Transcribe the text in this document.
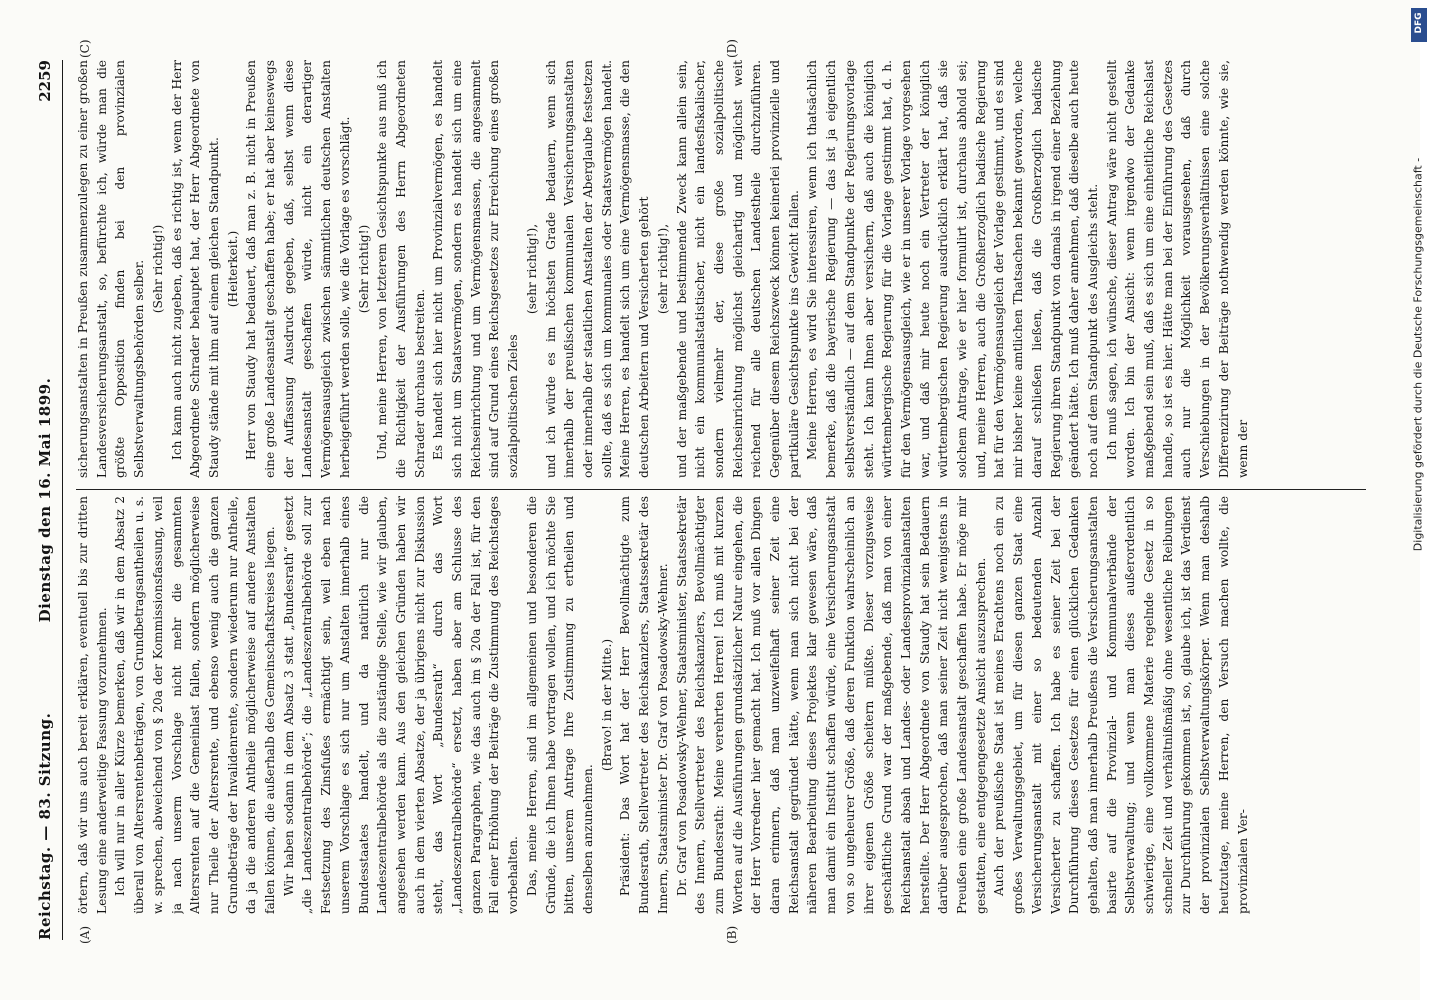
Reichstag. — 83. Sitzung.
Dienstag den 16. Mai 1899.
2259
(A)	(B)
(C)	(D)

örtern, daß wir uns auch bereit erklären, eventuell bis zur dritten Lesung eine anderweitige Fassung vorzunehmen. Ich will nur in aller Kürze bemerken, daß wir in dem Absatz 2 überall von Altersrentenbeträgen, von Grundbetragsantheilen u. s. w. sprechen, abweichend von § 20a der Kommissionsfassung, weil ja nach unserm Vorschlage nicht mehr die gesammten Altersrenten auf die Gemeinlast fallen, sondern möglicherweise nur Theile der Altersrente, und ebenso wenig auch die ganzen Grundbeträge der Invalidenrente, sondern wiederum nur Antheile, da ja die anderen Antheile möglicherweise auf andere Anstalten fallen können, die außerhalb des Gemeinschaftskreises liegen. Wir haben sodann in dem Absatz 3 statt „Bundesrath“ gesetzt „die Landeszentralbehörde“; die „Landeszentralbehörde soll zur Festsetzung des Zinsfußes ermächtigt sein, weil eben nach unserem Vorschlage es sich nur um Anstalten innerhalb eines Bundesstaates handelt, und da natürlich nur die Landeszentralbehörde als die zuständige Stelle, wie wir glauben, angesehen werden kann. Aus den gleichen Gründen haben wir auch in dem vierten Absatze, der ja übrigens nicht zur Diskussion steht, das Wort „Bundesrath“ durch das Wort „Landeszentralbehörde“ ersetzt, haben aber am Schlusse des ganzen Paragraphen, wie das auch im § 20a der Fall ist, für den Fall einer Erhöhung der Beiträge die Zustimmung des Reichstages vorbehalten. Das, meine Herren, sind im allgemeinen und besonderen die Gründe, die ich Ihnen habe vortragen wollen, und ich möchte Sie bitten, unserem Antrage Ihre Zustimmung zu ertheilen und denselben anzunehmen.

(Bravo! in der Mitte.) Präsident: Das Wort hat der Herr Bevollmächtigte zum Bundesrath, Stellvertreter des Reichskanzlers, Staatssekretär des Innern, Staatsminister Dr. Graf von Posadowsky-Wehner. Dr. Graf von Posadowsky-Wehner, Staatsminister, Staatssekretär des Innern, Stellvertreter des Reichskanzlers, Bevollmächtigter zum Bundesrath: Meine verehrten Herren! Ich muß mit kurzen Worten auf die Ausführungen grundsätzlicher Natur eingehen, die der Herr Vorredner hier gemacht hat. Ich muß vor allen Dingen daran erinnern, daß man unzweifelhaft seiner Zeit eine Reichsanstalt gegründet hätte, wenn man sich nicht bei der näheren Bearbeitung dieses Projektes klar gewesen wäre, daß man damit ein Institut schaffen würde, eine Versicherungsanstalt von so ungeheurer Größe, daß deren Funktion wahrscheinlich an ihrer eigenen Größe scheitern müßte. Dieser vorzugsweise geschäftliche Grund war der maßgebende, daß man von einer Reichsanstalt absah und Landes- oder Landesprovinzialanstalten herstellte. Der Herr Abgeordnete von Staudy hat sein Bedauern darüber ausgesprochen, daß man seiner Zeit nicht wenigstens in Preußen eine große Landesanstalt geschaffen habe. Er möge mir gestatten, eine entgegengesetzte Ansicht auszusprechen. Auch der preußische Staat ist meines Erachtens noch ein zu großes Verwaltungsgebiet, um für diesen ganzen Staat eine Versicherungsanstalt mit einer so bedeutenden Anzahl Versicherter zu schaffen. Ich habe es seiner Zeit bei der Durchführung dieses Gesetzes für einen glücklichen Gedanken gehalten, daß man innerhalb Preußens die Versicherungsanstalten basirte auf die Provinzial- und Kommunalverbände der Selbstverwaltung; und wenn man dieses außerordentlich schwierige, eine vollkommene Materie regelnde Gesetz in so schneller Zeit und verhältnißmäßig ohne wesentliche Reibungen zur Durchführung gekommen ist, so, glaube ich, ist das Verdienst der provinzialen Selbstverwaltungskörper. Wenn man deshalb heutzutage, meine Herren, den Versuch machen wollte, die provinzialen Ver-

sicherungsanstalten in Preußen zusammenzulegen zu einer großen Landesversicherungsanstalt, so, befürchte ich, würde man die größte Opposition finden bei den provinzialen Selbstverwaltungsbehörden selber. (Sehr richtig!) Ich kann auch nicht zugeben, daß es richtig ist, wenn der Herr Abgeordnete Schrader behauptet hat, der Herr Abgeordnete von Staudy stände mit ihm auf einem gleichen Standpunkt. (Heiterkeit.) Herr von Staudy hat bedauert, daß man z. B. nicht in Preußen eine große Landesanstalt geschaffen habe; er hat aber keineswegs der Auffassung Ausdruck gegeben, daß, selbst wenn diese Landesanstalt geschaffen würde, nicht ein derartiger Vermögensausgleich zwischen sämmtlichen deutschen Anstalten herbeigeführt werden solle, wie die Vorlage es vorschlägt. (Sehr richtig!) Und, meine Herren, von letzterem Gesichtspunkte aus muß ich die Richtigkeit der Ausführungen des Herrn Abgeordneten Schrader durchaus bestreiten. Es handelt sich hier nicht um Provinzialvermögen, es handelt sich nicht um Staatsvermögen, sondern es handelt sich um eine Reichseinrichtung und um Vermögensmassen, die angesammelt sind auf Grund eines Reichsgesetzes zur Erreichung eines großen sozialpolitischen Zieles

(sehr richtig!), und ich würde es im höchsten Grade bedauern, wenn sich innerhalb der preußischen kommunalen Versicherungsanstalten oder innerhalb der staatlichen Anstalten der Aberglaube festsetzen sollte, daß es sich um kommunales oder Staatsvermögen handelt. Meine Herren, es handelt sich um eine Vermögensmasse, die den deutschen Arbeitern und Versicherten gehört (sehr richtig!), und der maßgebende und bestimmende Zweck kann allein sein, nicht ein kommunalstatistischer, nicht ein landesfiskalischer, sondern vielmehr der, diese große sozialpolitische Reichseinrichtung möglichst gleichartig und möglichst weit reichend für alle deutschen Landestheile durchzuführen. Gegenüber diesem Reichszweck können keinerlei provinzielle und partikuläre Gesichtspunkte ins Gewicht fallen. Meine Herren, es wird Sie interessiren, wenn ich thatsächlich bemerke, daß die bayerische Regierung — das ist ja eigentlich selbstverständlich — auf dem Standpunkte der Regierungsvorlage steht. Ich kann Ihnen aber versichern, daß auch die königlich württembergische Regierung für die Vorlage gestimmt hat, d. h. für den Vermögensausgleich, wie er in unserer Vorlage vorgesehen war, und daß mir heute noch ein Vertreter der königlich württembergischen Regierung ausdrücklich erklärt hat, daß sie solchem Antrage, wie er hier formulirt ist, durchaus abhold sei; und, meine Herren, auch die Großherzoglich badische Regierung hat für den Vermögensausgleich der Vorlage gestimmt, und es sind mir bisher keine amtlichen Thatsachen bekannt geworden, welche darauf schließen ließen, daß die Großherzoglich badische Regierung ihren Standpunkt von damals in irgend einer Beziehung geändert hätte. Ich muß daher annehmen, daß dieselbe auch heute noch auf dem Standpunkt des Ausgleichs steht. Ich muß sagen, ich wünsche, dieser Antrag wäre nicht gestellt worden. Ich bin der Ansicht: wenn irgendwo der Gedanke maßgebend sein muß, daß es sich um eine einheitliche Reichslast handle, so ist es hier. Hätte man bei der Einführung des Gesetzes auch nur die Möglichkeit vorausgesehen, daß durch Verschiebungen in der Bevölkerungsverhältnissen eine solche Differenzirung der Beiträge nothwendig werden könnte, wie sie, wenn der

DFG
Digitalisierung gefördert durch die Deutsche Forschungsgemeinschaft -
